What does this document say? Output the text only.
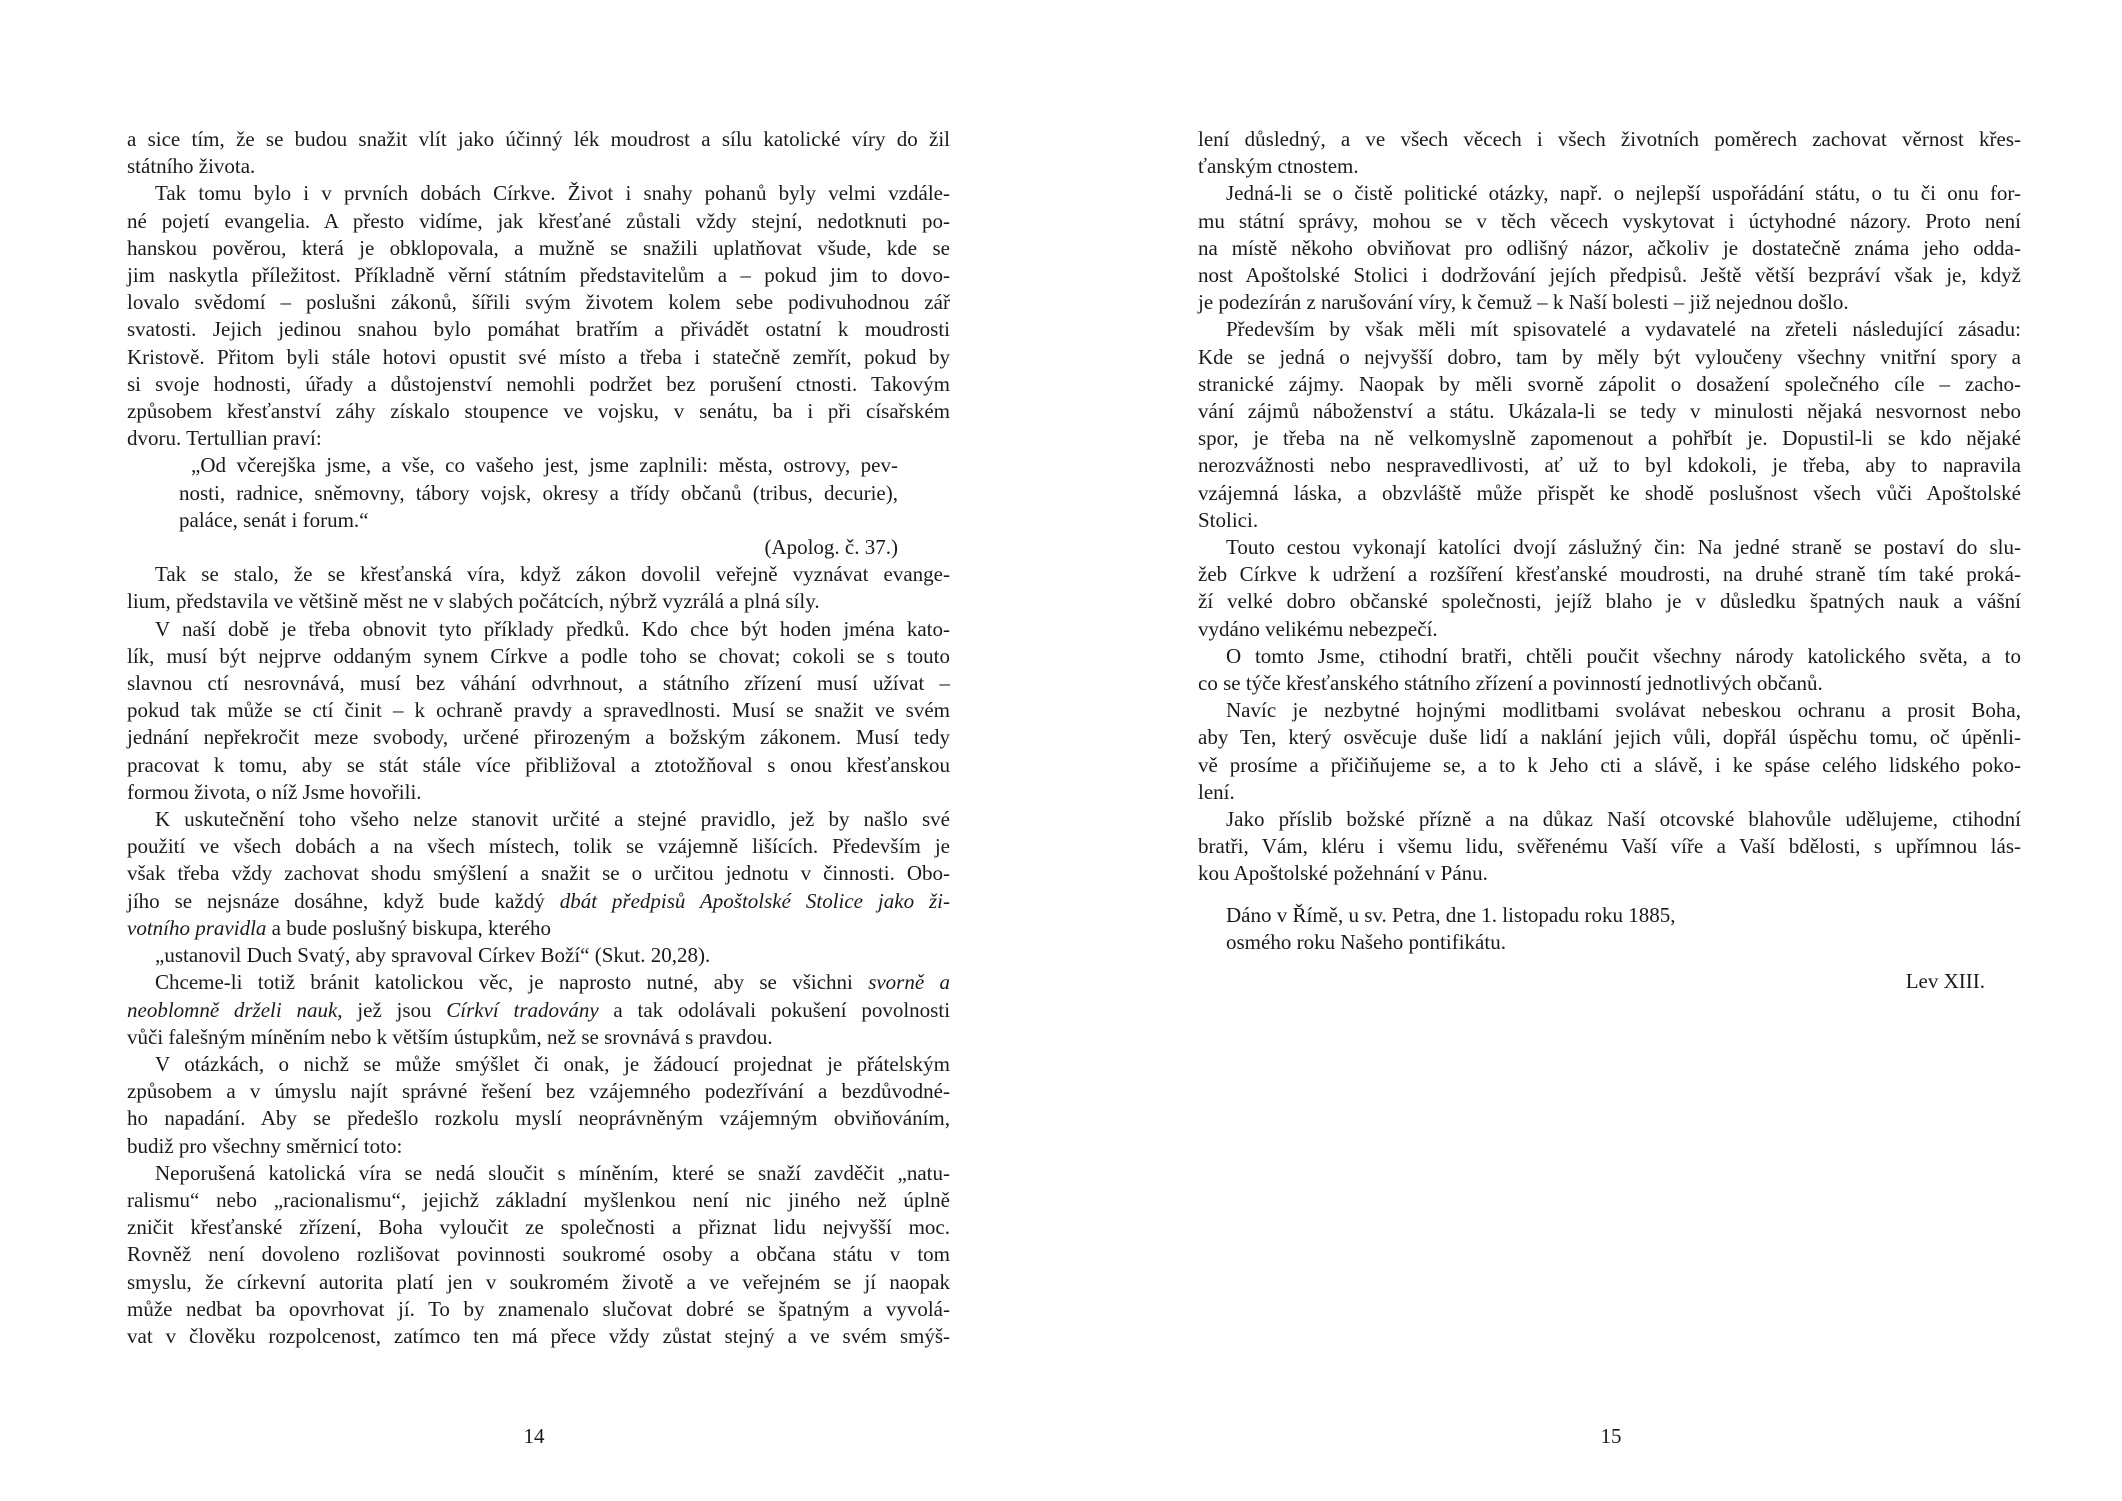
a sice tím, že se budou snažit vlít jako účinný lék moudrost a sílu katolické víry do žil

státního života.

Tak tomu bylo i v prvních dobách Církve. Život i snahy pohanů byly velmi vzdále-

né pojetí evangelia. A přesto vidíme, jak křesťané zůstali vždy stejní, nedotknuti po-

hanskou pověrou, která je obklopovala, a mužně se snažili uplatňovat všude, kde se

jim naskytla příležitost. Příkladně věrní státním představitelům a – pokud jim to dovo-

lovalo svědomí – poslušni zákonů, šířili svým životem kolem sebe podivuhodnou zář

svatosti. Jejich jedinou snahou bylo pomáhat bratřím a přivádět ostatní k moudrosti

Kristově. Přitom byli stále hotovi opustit své místo a třeba i statečně zemřít, pokud by

si svoje hodnosti, úřady a důstojenství nemohli podržet bez porušení ctnosti. Takovým

způsobem křesťanství záhy získalo stoupence ve vojsku, v senátu, ba i při císařském

dvoru. Tertullian praví:

„Od včerejška jsme, a vše, co vašeho jest, jsme zaplnili: města, ostrovy, pev-

nosti, radnice, sněmovny, tábory vojsk, okresy a třídy občanů (tribus, decurie),

paláce, senát i forum.“

(Apolog. č. 37.)

Tak se stalo, že se křesťanská víra, když zákon dovolil veřejně vyznávat evange-

lium, představila ve většině měst ne v slabých počátcích, nýbrž vyzrálá a plná síly.

V naší době je třeba obnovit tyto příklady předků. Kdo chce být hoden jména kato-

lík, musí být nejprve oddaným synem Církve a podle toho se chovat; cokoli se s touto

slavnou ctí nesrovnává, musí bez váhání odvrhnout, a státního zřízení musí užívat –

pokud tak může se ctí činit – k ochraně pravdy a spravedlnosti. Musí se snažit ve svém

jednání nepřekročit meze svobody, určené přirozeným a božským zákonem. Musí tedy

pracovat k tomu, aby se stát stále více přibližoval a ztotožňoval s onou křesťanskou

formou života, o níž Jsme hovořili.

K uskutečnění toho všeho nelze stanovit určité a stejné pravidlo, jež by našlo své

použití ve všech dobách a na všech místech, tolik se vzájemně lišících. Především je

však třeba vždy zachovat shodu smýšlení a snažit se o určitou jednotu v činnosti. Obo-

jího se nejsnáze dosáhne, když bude každý dbát předpisů Apoštolské Stolice jako ži-

votního pravidla a bude poslušný biskupa, kterého

„ustanovil Duch Svatý, aby spravoval Církev Boží“ (Skut. 20,28).

Chceme-li totiž bránit katolickou věc, je naprosto nutné, aby se všichni svorně a

neoblomně drželi nauk, jež jsou Církví tradovány a tak odolávali pokušení povolnosti

vůči falešným míněním nebo k větším ústupkům, než se srovnává s pravdou.

V otázkách, o nichž se může smýšlet či onak, je žádoucí projednat je přátelským

způsobem a v úmyslu najít správné řešení bez vzájemného podezřívání a bezdůvodné-

ho napadání. Aby se předešlo rozkolu myslí neoprávněným vzájemným obviňováním,

budiž pro všechny směrnicí toto:

Neporušená katolická víra se nedá sloučit s míněním, které se snaží zavděčit „natu-

ralismu“ nebo „racionalismu“, jejichž základní myšlenkou není nic jiného než úplně

zničit křesťanské zřízení, Boha vyloučit ze společnosti a přiznat lidu nejvyšší moc.

Rovněž není dovoleno rozlišovat povinnosti soukromé osoby a občana státu v tom

smyslu, že církevní autorita platí jen v soukromém životě a ve veřejném se jí naopak

může nedbat ba opovrhovat jí. To by znamenalo slučovat dobré se špatným a vyvolá-

vat v člověku rozpolcenost, zatímco ten má přece vždy zůstat stejný a ve svém smýš-

14

lení důsledný, a ve všech věcech i všech životních poměrech zachovat věrnost křes-

ťanským ctnostem.

Jedná-li se o čistě politické otázky, např. o nejlepší uspořádání státu, o tu či onu for-

mu státní správy, mohou se v těch věcech vyskytovat i úctyhodné názory. Proto není

na místě někoho obviňovat pro odlišný názor, ačkoliv je dostatečně známa jeho odda-

nost Apoštolské Stolici i dodržování jejích předpisů. Ještě větší bezpráví však je, když

je podezírán z narušování víry, k čemuž – k Naší bolesti – již nejednou došlo.

Především by však měli mít spisovatelé a vydavatelé na zřeteli následující zásadu:

Kde se jedná o nejvyšší dobro, tam by měly být vyloučeny všechny vnitřní spory a

stranické zájmy. Naopak by měli svorně zápolit o dosažení společného cíle – zacho-

vání zájmů náboženství a státu. Ukázala-li se tedy v minulosti nějaká nesvornost nebo

spor, je třeba na ně velkomyslně zapomenout a pohřbít je. Dopustil-li se kdo nějaké

nerozvážnosti nebo nespravedlivosti, ať už to byl kdokoli, je třeba, aby to napravila

vzájemná láska, a obzvláště může přispět ke shodě poslušnost všech vůči Apoštolské

Stolici.

Touto cestou vykonají katolíci dvojí záslužný čin: Na jedné straně se postaví do slu-

žeb Církve k udržení a rozšíření křesťanské moudrosti, na druhé straně tím také proká-

ží velké dobro občanské společnosti, jejíž blaho je v důsledku špatných nauk a vášní

vydáno velikému nebezpečí.

O tomto Jsme, ctihodní bratři, chtěli poučit všechny národy katolického světa, a to

co se týče křesťanského státního zřízení a povinností jednotlivých občanů.

Navíc je nezbytné hojnými modlitbami svolávat nebeskou ochranu a prosit Boha,

aby Ten, který osvěcuje duše lidí a naklání jejich vůli, dopřál úspěchu tomu, oč úpěnli-

vě prosíme a přičiňujeme se, a to k Jeho cti a slávě, i ke spáse celého lidského poko-

lení.

Jako příslib božské přízně a na důkaz Naší otcovské blahovůle udělujeme, ctihodní

bratři, Vám, kléru i všemu lidu, svěřenému Vaší víře a Vaší bdělosti, s upřímnou lás-

kou Apoštolské požehnání v Pánu.

Dáno v Římě, u sv. Petra, dne 1. listopadu roku 1885,

osmého roku Našeho pontifikátu.

Lev XIII.

15
